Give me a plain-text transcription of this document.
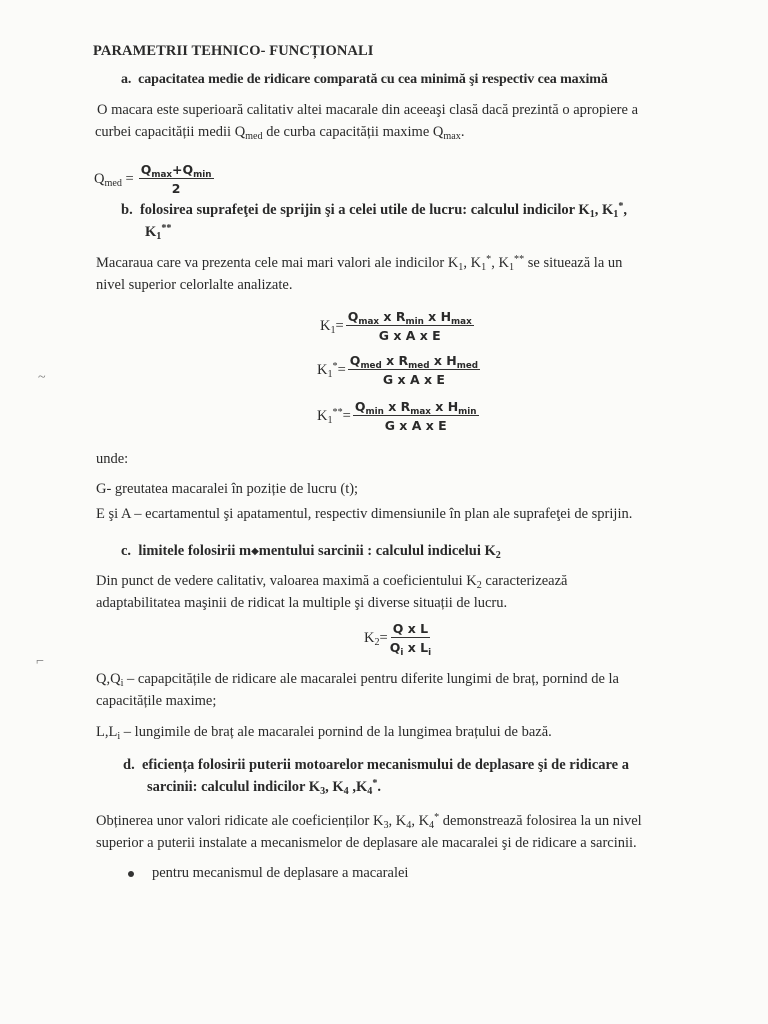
PARAMETRII TEHNICO- FUNCȚIONALI
a. capacitatea medie de ridicare comparată cu cea minimă şi respectiv cea maximă
O macara este superioară calitativ altei macarale din aceeaşi clasă dacă prezintă o apropiere a
curbei capacității medii $Q_{med}$ de curba capacității maxime $Q_{max}$.
$Q_{med} = \frac{Q_{max}+Q_{min}}{2}$
b. folosirea suprafeţei de sprijin şi a celei utile de lucru: calculul indicilor $K_1$, $K_1^*$,
$K_1^{**}$
Macaraua care va prezenta cele mai mari valori ale indicilor $K_1$, $K_1^*$, $K_1^{**}$ se situează la un
nivel superior celorlalte analizate.
$K_1= \frac{Q_{max} x R_{min} x H_{max}}{\text{G x A x E}}$
$K_1^*= \frac{Q_{med} x R_{med} x H_{med}}{\text{G x A x E}}$
$K_1^{**}= \frac{Q_{min} x R_{max} x H_{min}}{\text{G x A x E}}$
~
unde:
G- greutatea macaralei în poziție de lucru (t);
E şi A – ecartamentul şi apatamentul, respectiv dimensiunile în plan ale suprafeţei de sprijin.
c. limitele folosirii m◆mentului sarcinii : calculul indicelui $K_2$
Din punct de vedere calitativ, valoarea maximă a coeficientului $K_2$ caracterizează
adaptabilitatea maşinii de ridicat la multiple şi diverse situații de lucru.
$K_2= \frac{\text{Q x L}}{Q_i x L_i}$
⌐
$Q,Q_i$ – capapcitățile de ridicare ale macaralei pentru diferite lungimi de braț, pornind de la
capacitățile maxime;
$L,L_i$ – lungimile de braț ale macaralei pornind de la lungimea brațului de bază.
d. eficiența folosirii puterii motoarelor mecanismului de deplasare şi de ridicare a
sarcinii: calculul indicilor $K_3$, $K_4$ $,K_4^*$.
Obținerea unor valori ridicate ale coeficienților $K_3$, $K_4$, $K_4^*$ demonstrează folosirea la un nivel
superior a puterii instalate a mecanismelor de deplasare ale macaralei şi de ridicare a sarcinii.
pentru mecanismul de deplasare a macaralei
